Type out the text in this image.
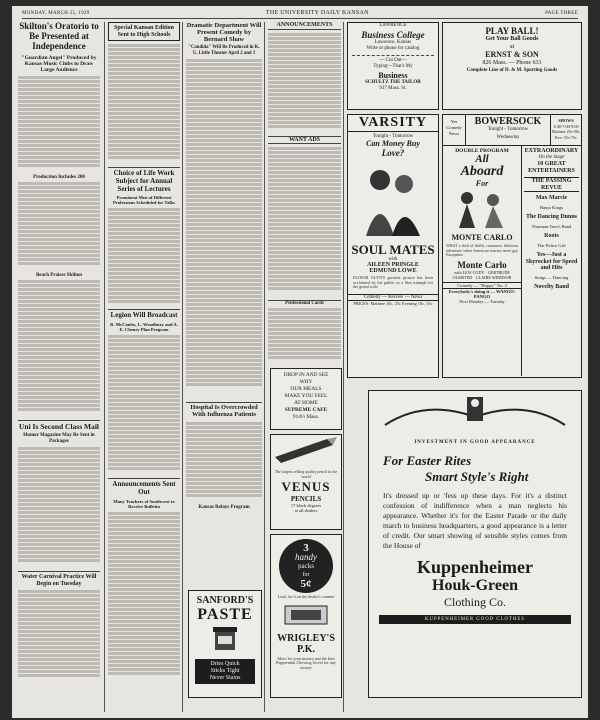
MONDAY, MARCH 25, 1929	THE UNIVERSITY DAILY KANSAN	PAGE THREE
Skilton's Oratorio to Be Presented at Independence
"Guardian Angel" Produced by Kansas Music Clubs to Draw Large Audience
Production Includes 200
Beach Praises Skilton
Uni Is Second Class Mail
Humor Magazine May Be Sent in Packages
Water Carnival Practice Will Begin on Tuesday
Special Kansan Edition Sent to High Schools
Choice of Life Work Subject for Annual Series of Lectures
Prominent Men of Different Professions Scheduled for Talks
Legion Will Broadcast
R. McCanles, L. Woodbury and A. E. Cheney Plan Program
Announcements Sent Out
Many Teachers of Southwest to Receive Bulletin
Dramatic Department Will Present Comedy by Bernard Shaw
"Candida" Will Be Produced in K. U. Little Theater April 2 and 3
Hospital Is Overcrowded With Influenza Patients
Kansas Relays Program
SANFORD'S
PASTE
Dries Quick
Sticks Tight
Never Stains
ANNOUNCEMENTS
WANT ADS
Professional Cards
DROP IN AND SEE
WHY
OUR MEALS
MAKE YOU FEEL
AT HOME
SUPREME CAFE
914½ Mass.
The largest selling quality pencil in the world
VENUS
PENCILS
17 black degrees
at all dealers
3
handy
packs
for
5¢
Look for it on the dealer's counter
WRIGLEY'S P.K.
More for your money and the best Peppermint Chewing Sweet for any money
LAWRENCE
Business College
Lawrence, Kansas
Write or phone for catalog
— Cut Out—
Typing—That's My
Business
SCHULTZ THE TAILOR
917 Mass. St.
PLAY BALL!
Get Your Ball Goods
at
ERNST & SON
826 Mass. — Phone 631
Complete Line of D. & M. Sporting Goods
VARSITY
Tonight - Tomorrow
Can Money Buy
Love?
SOUL MATES
with
AILEEN PRINGLE
EDMUND LOWE
ELINOR GLYN'S greatest picture has been acclaimed by the public as a film triumph for the grand scale
Comedy — Review — News
PRICES: Matinee 10c, 25c Evening 10c, 35c
Yes
Comedy
News
BOWERSOCK
Tonight - Tomorrow
Wednesday
SHOWS
2:30-7:00-9:00
Matinee 25c-50c Eve. 35c-75c
DOUBLE PROGRAM
All
Aboard
For
MONTE CARLO
WHAT a shift of thrills, romances, hilarious adventure when American tourists meet gay Europeans
Monte Carlo
with LEW CODY · GERTRUDE OLMSTED · CLAIRE WINDSOR
Comedy — "Happy" No. 2
Everybody's doing it — WANGO-PANGO
Next Monday — Tuesday
EXTRAORDINARY
On the Stage
10 GREAT ENTERTAINERS
THE PASSING REVUE
Max Marcie
Banjo Kings
The Dancing Dunns
Thurman Tom's Band
Roots
The Police Girl
Yes—Just a Skyrocket for Speed and Hits
Songs — Dancing
Novelty Band
INVESTMENT IN GOOD APPEARANCE
For Easter Rites
Smart Style's Right
It's dressed up or 'fess up these days. For it's a distinct confession of indifference when a man neglects his appearance. Whether it's for the Easter Parade or the daily march to business headquarters, a good appearance is a letter of credit. Our smart showing of sensible styles comes from the House of
Kuppenheimer
Houk-Green
Clothing Co.
KUPPENHEIMER GOOD CLOTHES
